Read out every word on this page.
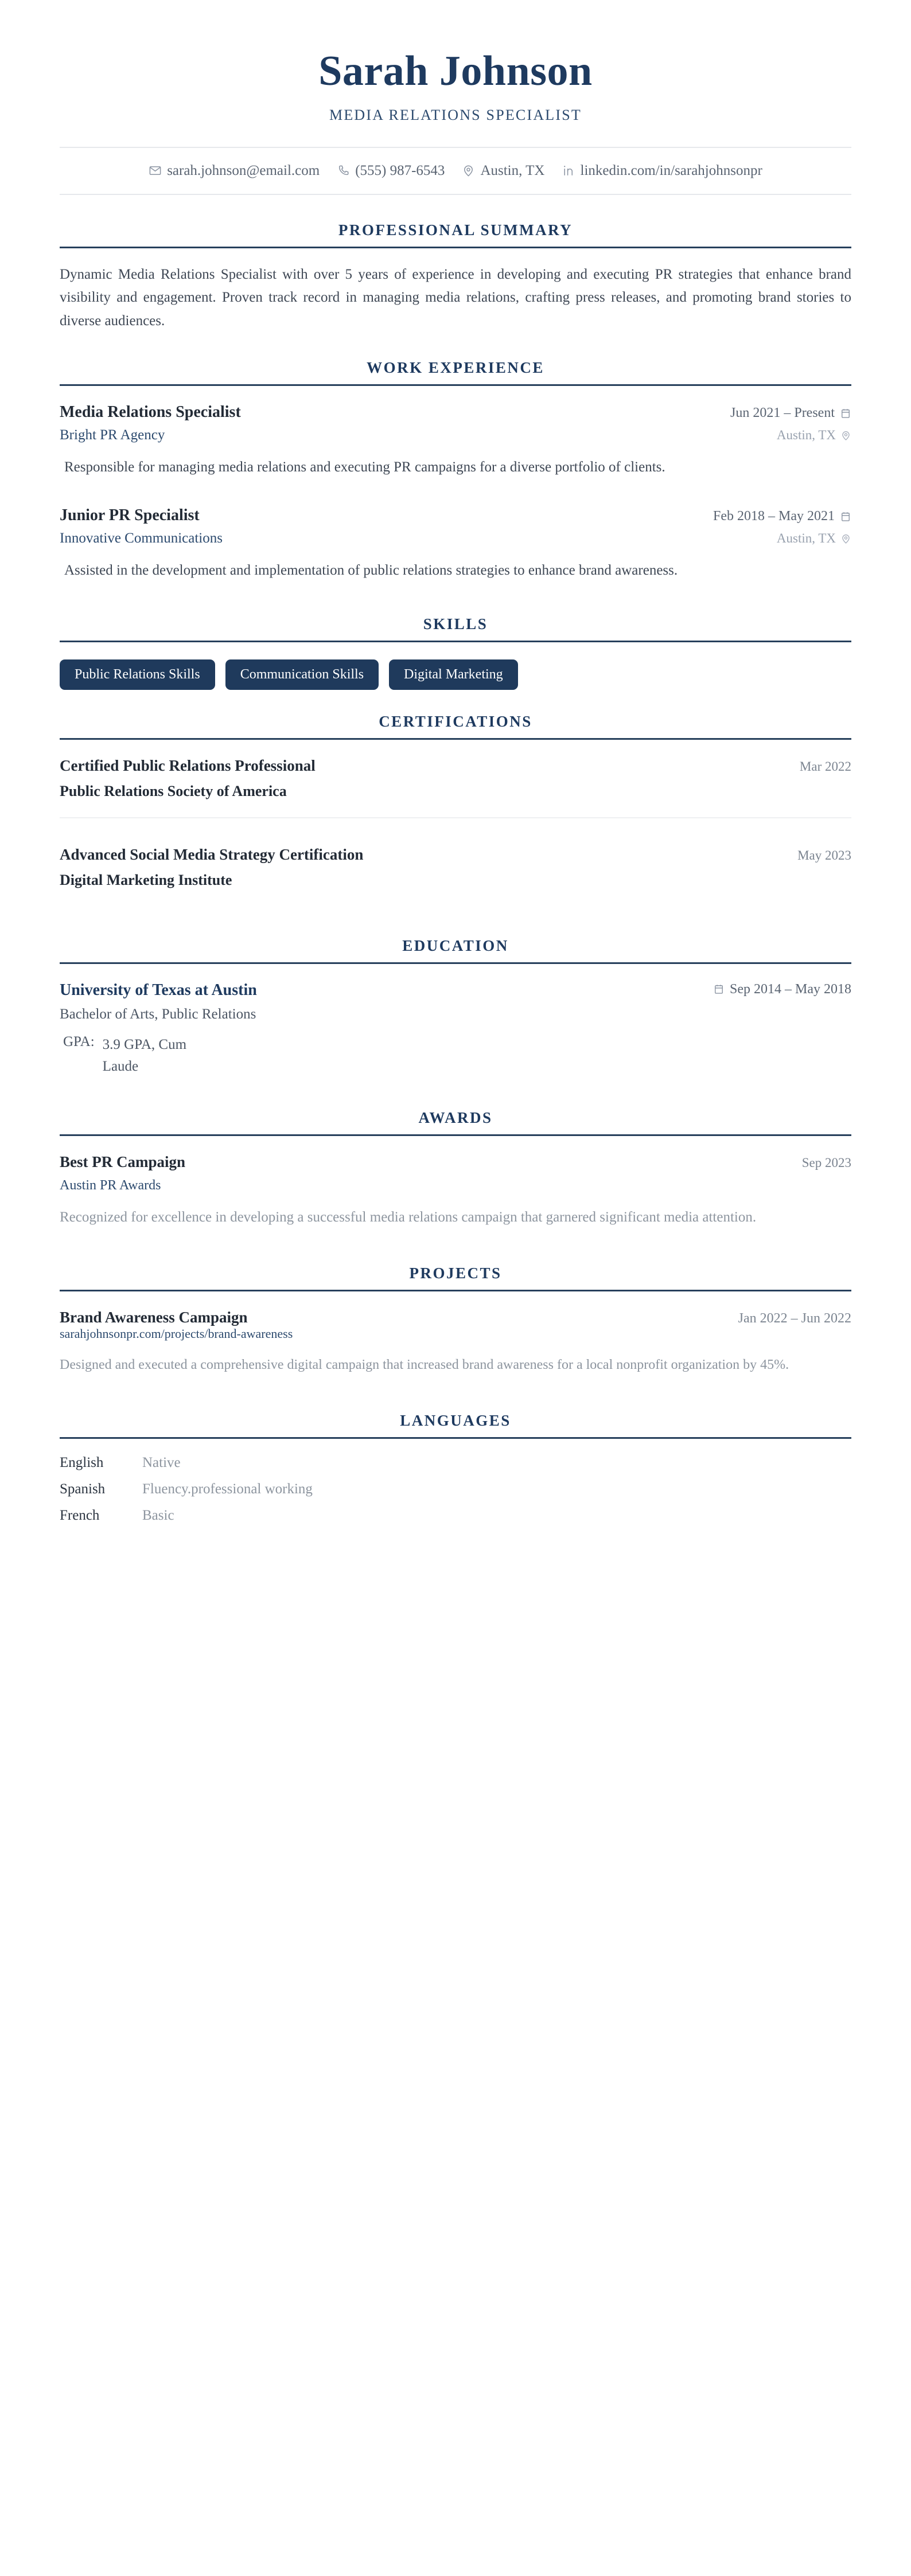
Sarah Johnson
MEDIA RELATIONS SPECIALIST
sarah.johnson@email.com (555) 987-6543 Austin, TX linkedin.com/in/sarahjohnsonpr
PROFESSIONAL SUMMARY

Dynamic Media Relations Specialist with over 5 years of experience in developing and executing PR strategies that enhance brand visibility and engagement. Proven track record in managing media relations, crafting press releases, and promoting brand stories to diverse audiences.

WORK EXPERIENCE
Media Relations Specialist	Jun 2021 – Present
Bright PR Agency	Austin, TX
Responsible for managing media relations and executing PR campaigns for a diverse portfolio of clients.
Junior PR Specialist	Feb 2018 – May 2021
Innovative Communications	Austin, TX
Assisted in the development and implementation of public relations strategies to enhance brand awareness.
SKILLS
Public Relations Skills	Communication Skills	Digital Marketing
CERTIFICATIONS
Certified Public Relations Professional	Mar 2022
Public Relations Society of America
Advanced Social Media Strategy Certification	May 2023
Digital Marketing Institute
EDUCATION
University of Texas at Austin	Sep 2014 – May 2018
Bachelor of Arts, Public Relations
GPA: 3.9 GPA, Cum Laude
AWARDS
Best PR Campaign	Sep 2023
Austin PR Awards
Recognized for excellence in developing a successful media relations campaign that garnered significant media attention.
PROJECTS
Brand Awareness Campaign	Jan 2022 – Jun 2022
sarahjohnsonpr.com/projects/brand-awareness
Designed and executed a comprehensive digital campaign that increased brand awareness for a local nonprofit organization by 45%.
LANGUAGES
English	Native
Spanish	Fluency.professional working
French	Basic
